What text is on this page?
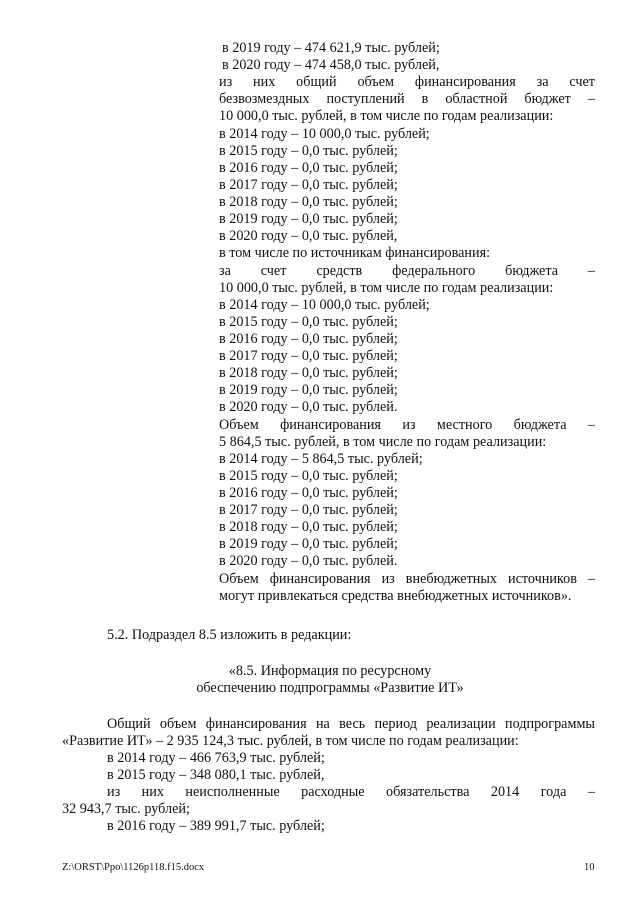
в 2019 году – 474 621,9 тыс. рублей;
в 2020 году – 474 458,0 тыс. рублей,
из них общий объем финансирования за счет
безвозмездных поступлений в областной бюджет –
10 000,0 тыс. рублей, в том числе по годам реализации:
в 2014 году – 10 000,0 тыс. рублей;
в 2015 году – 0,0 тыс. рублей;
в 2016 году – 0,0 тыс. рублей;
в 2017 году – 0,0 тыс. рублей;
в 2018 году – 0,0 тыс. рублей;
в 2019 году – 0,0 тыс. рублей;
в 2020 году – 0,0 тыс. рублей,
в том числе по источникам финансирования:
за счет средств федерального бюджета –
10 000,0 тыс. рублей, в том числе по годам реализации:
в 2014 году – 10 000,0 тыс. рублей;
в 2015 году – 0,0 тыс. рублей;
в 2016 году – 0,0 тыс. рублей;
в 2017 году – 0,0 тыс. рублей;
в 2018 году – 0,0 тыс. рублей;
в 2019 году – 0,0 тыс. рублей;
в 2020 году – 0,0 тыс. рублей.
Объем финансирования из местного бюджета –
5 864,5 тыс. рублей, в том числе по годам реализации:
в 2014 году – 5 864,5 тыс. рублей;
в 2015 году – 0,0 тыс. рублей;
в 2016 году – 0,0 тыс. рублей;
в 2017 году – 0,0 тыс. рублей;
в 2018 году – 0,0 тыс. рублей;
в 2019 году – 0,0 тыс. рублей;
в 2020 году – 0,0 тыс. рублей.
Объем финансирования из внебюджетных источников –
могут привлекаться средства внебюджетных источников».
5.2. Подраздел 8.5 изложить в редакции:
«8.5. Информация по ресурсному
обеспечению подпрограммы «Развитие ИТ»
Общий объем финансирования на весь период реализации подпрограммы
«Развитие ИТ» – 2 935 124,3 тыс. рублей, в том числе по годам реализации:
в 2014 году – 466 763,9 тыс. рублей;
в 2015 году – 348 080,1 тыс. рублей,
из них неисполненные расходные обязательства 2014 года –
32 943,7 тыс. рублей;
в 2016 году – 389 991,7 тыс. рублей;
Z:\ORST\Ppo\1126p118.f15.docx	10
